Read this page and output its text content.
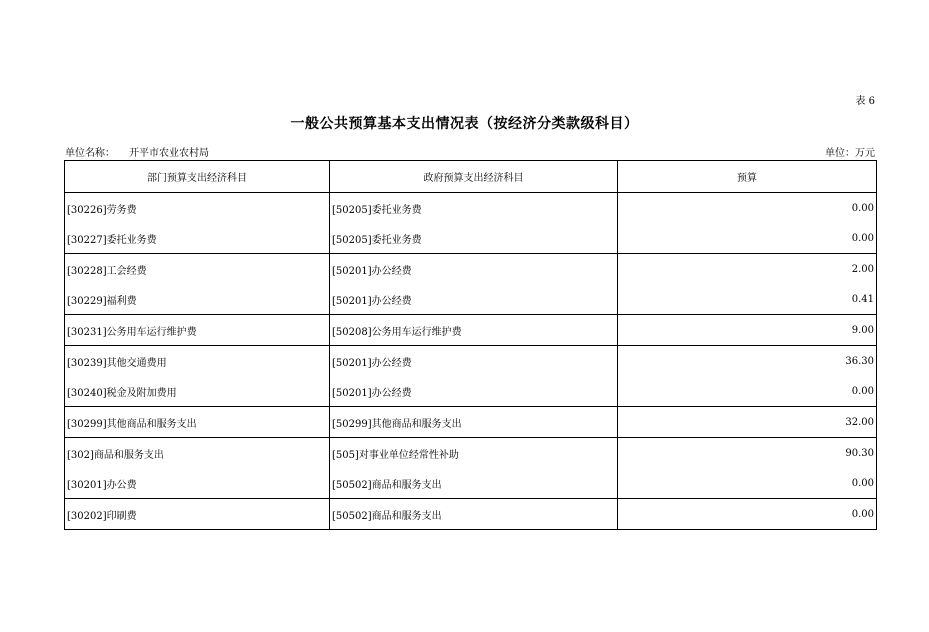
表 6
一般公共预算基本支出情况表（按经济分类款级科目）
单位名称： 开平市农业农村局	单位：万元
部门预算支出经济科目	政府预算支出经济科目	预算
[30226]劳务费	[50205]委托业务费	0.00
[30227]委托业务费	[50205]委托业务费	0.00
[30228]工会经费	[50201]办公经费	2.00
[30229]福利费	[50201]办公经费	0.41
[30231]公务用车运行维护费	[50208]公务用车运行维护费	9.00
[30239]其他交通费用	[50201]办公经费	36.30
[30240]税金及附加费用	[50201]办公经费	0.00
[30299]其他商品和服务支出	[50299]其他商品和服务支出	32.00
[302]商品和服务支出	[505]对事业单位经常性补助	90.30
[30201]办公费	[50502]商品和服务支出	0.00
[30202]印刷费	[50502]商品和服务支出	0.00
